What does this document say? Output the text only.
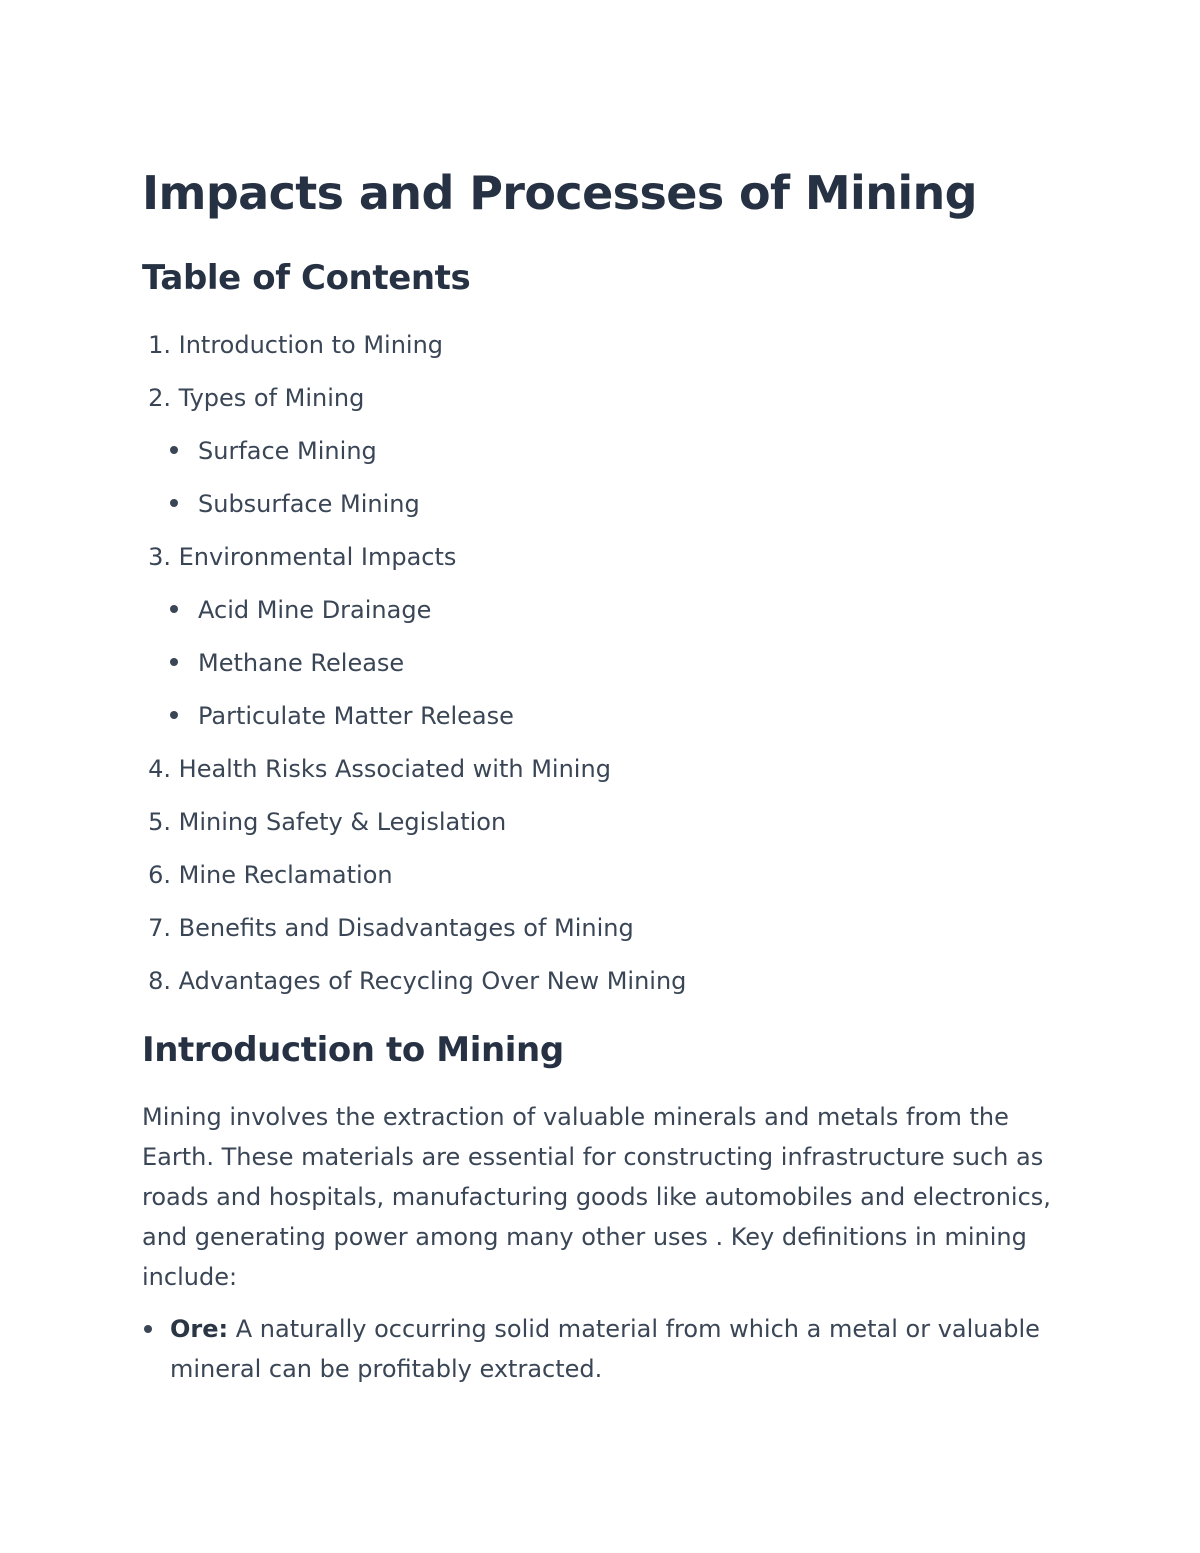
Impacts and Processes of Mining
Table of Contents
1. Introduction to Mining
2. Types of Mining
Surface Mining
Subsurface Mining
3. Environmental Impacts
Acid Mine Drainage
Methane Release
Particulate Matter Release
4. Health Risks Associated with Mining
5. Mining Safety & Legislation
6. Mine Reclamation
7. Benefits and Disadvantages of Mining
8. Advantages of Recycling Over New Mining
Introduction to Mining

Mining involves the extraction of valuable minerals and metals from the Earth. These materials are essential for constructing infrastructure such as roads and hospitals, manufacturing goods like automobiles and electronics, and generating power among many other uses . Key definitions in mining include:

Ore: A naturally occurring solid material from which a metal or valuable mineral can be profitably extracted.
